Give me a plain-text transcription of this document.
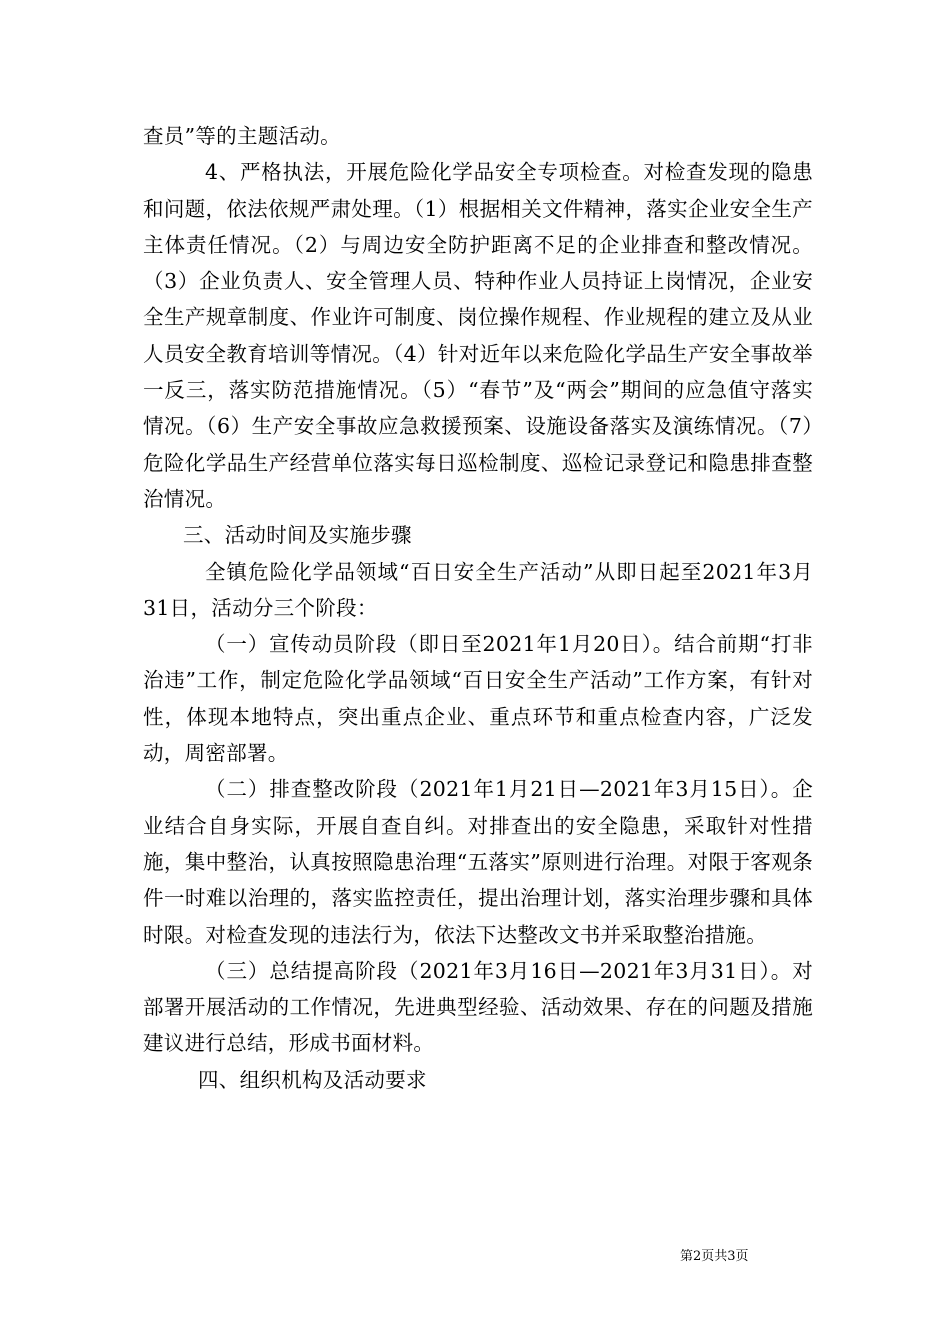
查员”等的主题活动。

4、严格执法，开展危险化学品安全专项检查。对检查发现的隐患和问题，依法依规严肃处理。（1）根据相关文件精神，落实企业安全生产主体责任情况。（2）与周边安全防护距离不足的企业排查和整改情况。（3）企业负责人、安全管理人员、特种作业人员持证上岗情况，企业安全生产规章制度、作业许可制度、岗位操作规程、作业规程的建立及从业人员安全教育培训等情况。（4）针对近年以来危险化学品生产安全事故举一反三，落实防范措施情况。（5）“春节”及“两会”期间的应急值守落实情况。（6）生产安全事故应急救援预案、设施设备落实及演练情况。（7）危险化学品生产经营单位落实每日巡检制度、巡检记录登记和隐患排查整治情况。

三、活动时间及实施步骤

全镇危险化学品领域“百日安全生产活动”从即日起至2021年3月31日，活动分三个阶段：

（一）宣传动员阶段（即日至2021年1月20日）。结合前期“打非治违”工作，制定危险化学品领域“百日安全生产活动”工作方案，有针对性，体现本地特点，突出重点企业、重点环节和重点检查内容，广泛发动，周密部署。

（二）排查整改阶段（2021年1月21日—2021年3月15日）。企业结合自身实际，开展自查自纠。对排查出的安全隐患，采取针对性措施，集中整治，认真按照隐患治理“五落实”原则进行治理。对限于客观条件一时难以治理的，落实监控责任，提出治理计划，落实治理步骤和具体时限。对检查发现的违法行为，依法下达整改文书并采取整治措施。

（三）总结提高阶段（2021年3月16日—2021年3月31日）。对部署开展活动的工作情况，先进典型经验、活动效果、存在的问题及措施建议进行总结，形成书面材料。

四、组织机构及活动要求

第2页共3页
